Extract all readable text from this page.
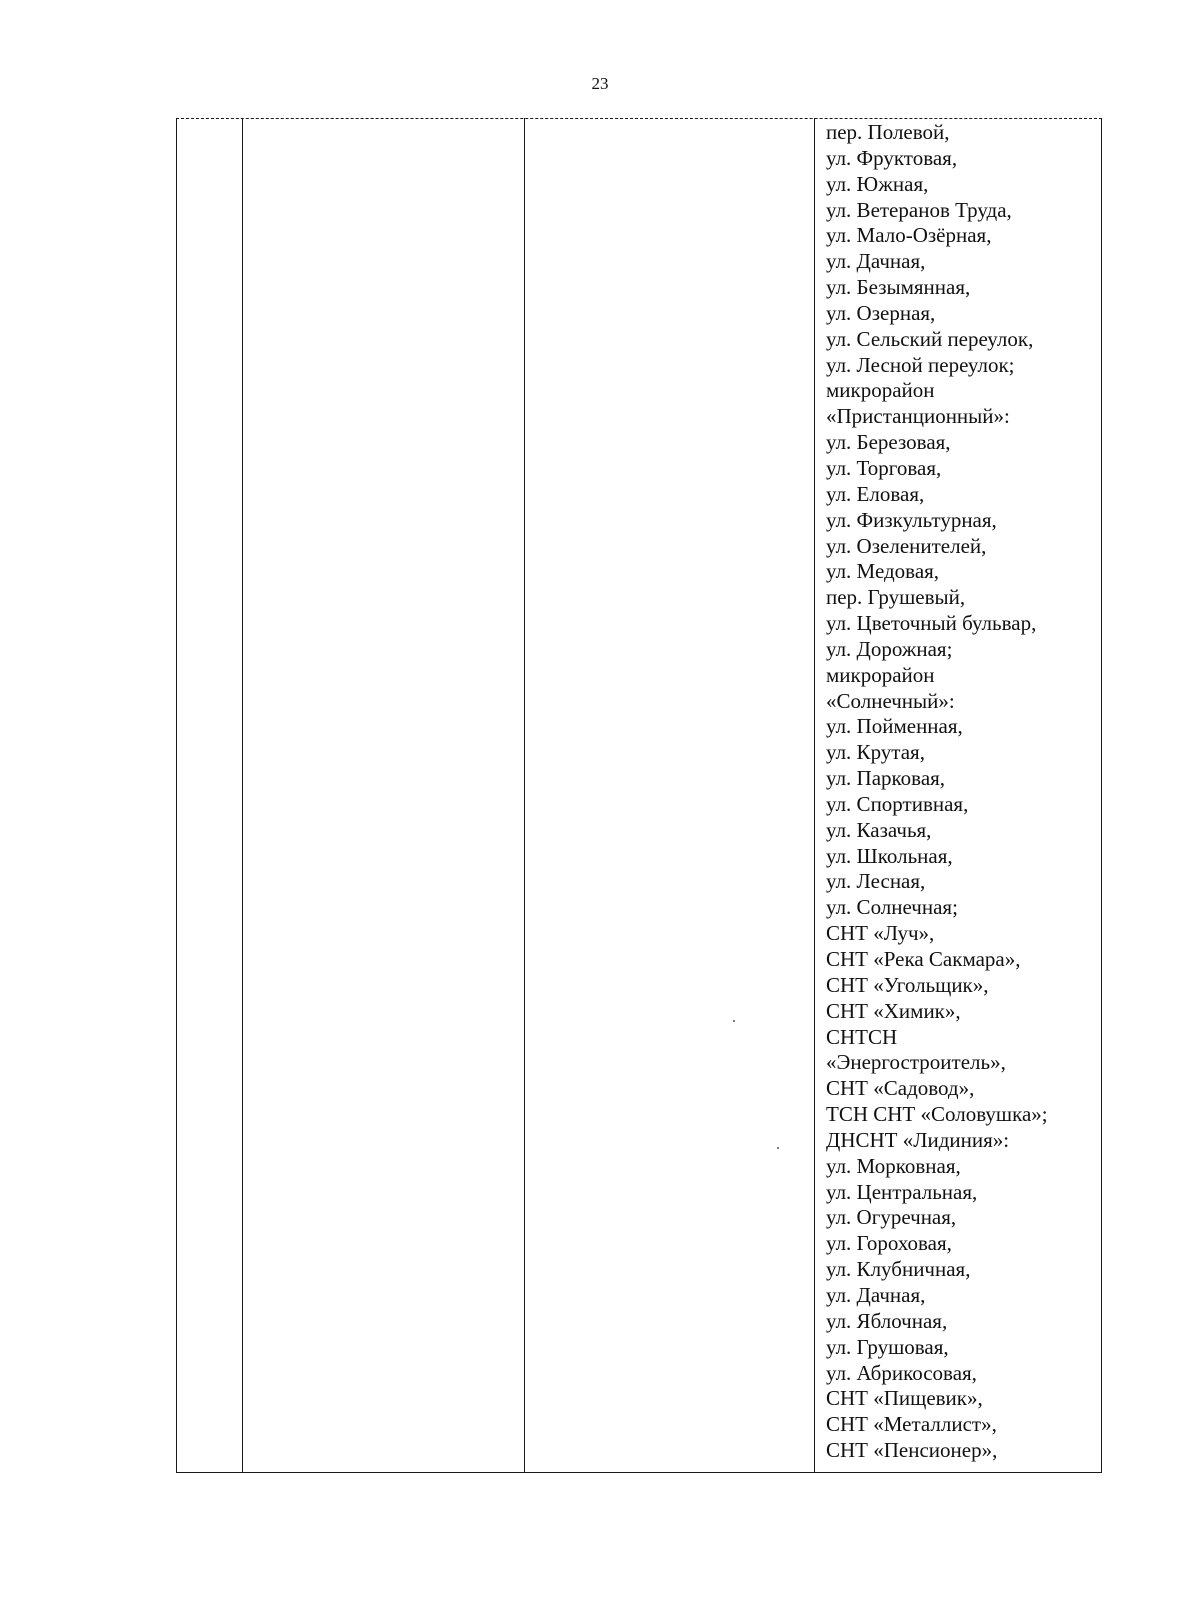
23
пер. Полевой,
ул. Фруктовая,
ул. Южная,
ул. Ветеранов Труда,
ул. Мало-Озёрная,
ул. Дачная,
ул. Безымянная,
ул. Озерная,
ул. Сельский переулок,
ул. Лесной переулок;
микрорайон
«Пристанционный»:
ул. Березовая,
ул. Торговая,
ул. Еловая,
ул. Физкультурная,
ул. Озеленителей,
ул. Медовая,
пер. Грушевый,
ул. Цветочный бульвар,
ул. Дорожная;
микрорайон
«Солнечный»:
ул. Пойменная,
ул. Крутая,
ул. Парковая,
ул. Спортивная,
ул. Казачья,
ул. Школьная,
ул. Лесная,
ул. Солнечная;
СНТ «Луч»,
СНТ «Река Сакмара»,
СНТ «Угольщик»,
СНТ «Химик»,
СНТСН
«Энергостроитель»,
СНТ «Садовод»,
ТСН СНТ «Соловушка»;
ДНСНТ «Лидиния»:
ул. Морковная,
ул. Центральная,
ул. Огуречная,
ул. Гороховая,
ул. Клубничная,
ул. Дачная,
ул. Яблочная,
ул. Грушовая,
ул. Абрикосовая,
СНТ «Пищевик»,
СНТ «Металлист»,
СНТ «Пенсионер»,
